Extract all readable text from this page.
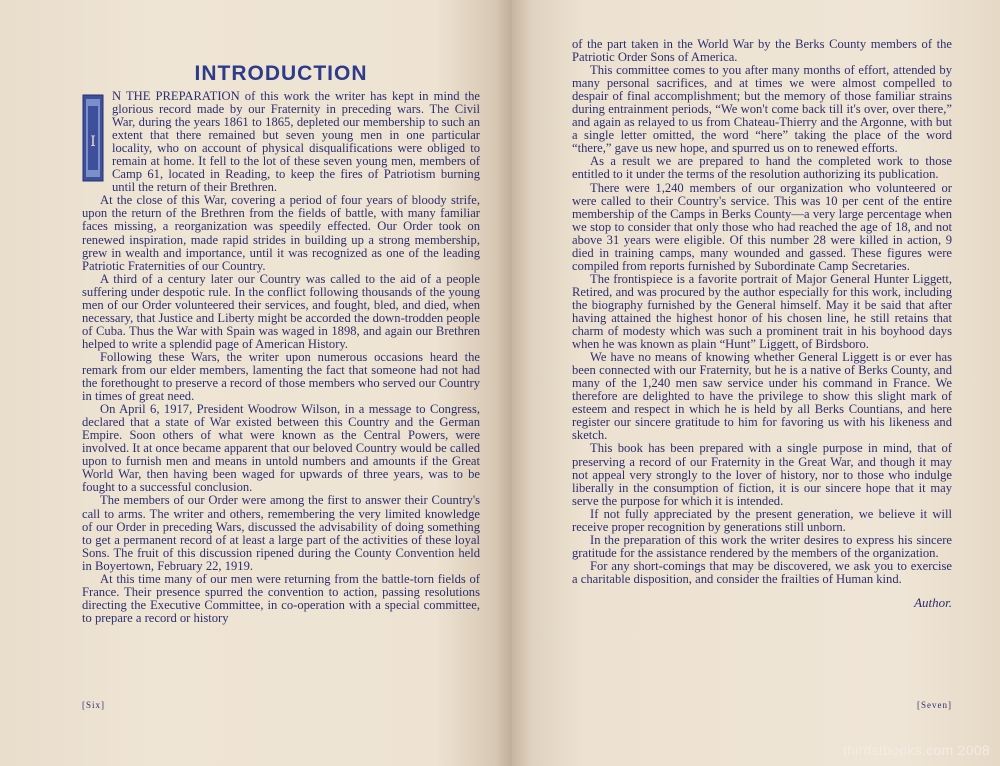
INTRODUCTION
I

N THE PREPARATION of this work the writer has kept in mind the glorious record made by our Fraternity in preceding wars. The Civil War, during the years 1861 to 1865, depleted our membership to such an extent that there remained but seven young men in one particular locality, who on account of physical disqualifications were obliged to remain at home. It fell to the lot of these seven young men, members of Camp 61, located in Reading, to keep the fires of Patriotism burning until the return of their Brethren.

At the close of this War, covering a period of four years of bloody strife, upon the return of the Brethren from the fields of battle, with many familiar faces missing, a reorganization was speedily effected. Our Order took on renewed inspiration, made rapid strides in building up a strong membership, grew in wealth and importance, until it was recognized as one of the leading Patriotic Fraternities of our Country.

A third of a century later our Country was called to the aid of a people suffering under despotic rule. In the conflict following thousands of the young men of our Order volunteered their services, and fought, bled, and died, when necessary, that Justice and Liberty might be accorded the down-trodden people of Cuba. Thus the War with Spain was waged in 1898, and again our Brethren helped to write a splendid page of American History.

Following these Wars, the writer upon numerous occasions heard the remark from our elder members, lamenting the fact that someone had not had the forethought to preserve a record of those members who served our Country in times of great need.

On April 6, 1917, President Woodrow Wilson, in a message to Congress, declared that a state of War existed between this Country and the German Empire. Soon others of what were known as the Central Powers, were involved. It at once became apparent that our beloved Country would be called upon to furnish men and means in untold numbers and amounts if the Great World War, then having been waged for upwards of three years, was to be fought to a successful conclusion.

The members of our Order were among the first to answer their Country's call to arms. The writer and others, remembering the very limited knowledge of our Order in preceding Wars, discussed the advisability of doing something to get a permanent record of at least a large part of the activities of these loyal Sons. The fruit of this discussion ripened during the County Convention held in Boyertown, February 22, 1919.

At this time many of our men were returning from the battle-torn fields of France. Their presence spurred the convention to action, passing resolutions directing the Executive Committee, in co-operation with a special committee, to prepare a record or history

[Six]

of the part taken in the World War by the Berks County members of the Patriotic Order Sons of America.

This committee comes to you after many months of effort, attended by many personal sacrifices, and at times we were almost compelled to despair of final accomplishment; but the memory of those familiar strains during entrainment periods, “We won't come back till it's over, over there,” and again as relayed to us from Chateau-Thierry and the Argonne, with but a single letter omitted, the word “here” taking the place of the word “there,” gave us new hope, and spurred us on to renewed efforts.

As a result we are prepared to hand the completed work to those entitled to it under the terms of the resolution authorizing its publication.

There were 1,240 members of our organization who volunteered or were called to their Country's service. This was 10 per cent of the entire membership of the Camps in Berks County—a very large percentage when we stop to consider that only those who had reached the age of 18, and not above 31 years were eligible. Of this number 28 were killed in action, 9 died in training camps, many wounded and gassed. These figures were compiled from reports furnished by Subordinate Camp Secretaries.

The frontispiece is a favorite portrait of Major General Hunter Liggett, Retired, and was procured by the author especially for this work, including the biography furnished by the General himself. May it be said that after having attained the highest honor of his chosen line, he still retains that charm of modesty which was such a prominent trait in his boyhood days when he was known as plain “Hunt” Liggett, of Birdsboro.

We have no means of knowing whether General Liggett is or ever has been connected with our Fraternity, but he is a native of Berks County, and many of the 1,240 men saw service under his command in France. We therefore are delighted to have the privilege to show this slight mark of esteem and respect in which he is held by all Berks Countians, and here register our sincere gratitude to him for favoring us with his likeness and sketch.

This book has been prepared with a single purpose in mind, that of preserving a record of our Fraternity in the Great War, and though it may not appeal very strongly to the lover of history, nor to those who indulge liberally in the consumption of fiction, it is our sincere hope that it may serve the purpose for which it is intended.

If not fully appreciated by the present generation, we believe it will receive proper recognition by generations still unborn.

In the preparation of this work the writer desires to express his sincere gratitude for the assistance rendered by the members of the organization.

For any short-comings that may be discovered, we ask you to exercise a charitable disposition, and consider the frailties of Human kind.

Author.
[Seven]
thirdstbooks.com 2008
